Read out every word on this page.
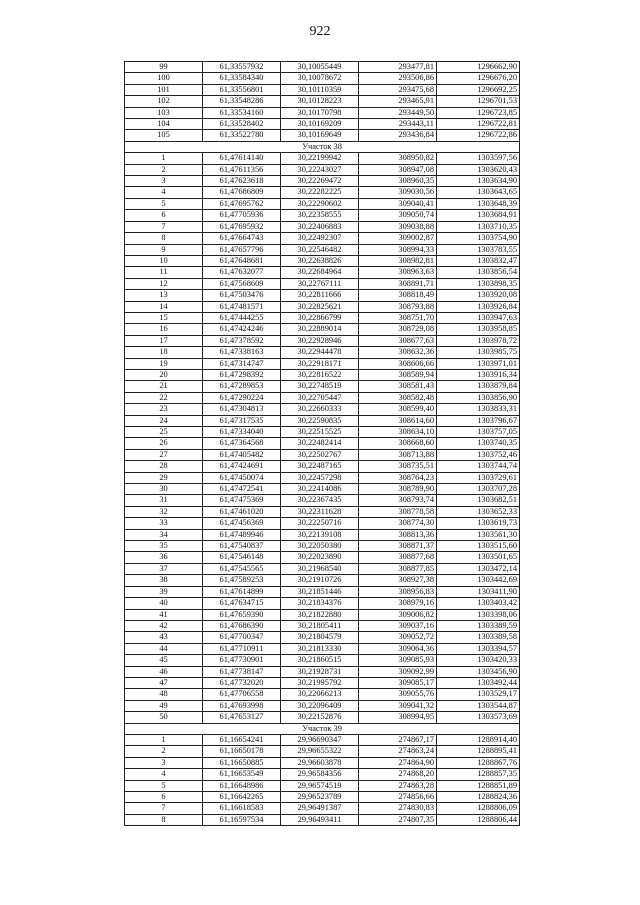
922
99	61,33557932	30,10055449	293477,81	1296662,90
100	61,33584340	30,10078672	293506,86	1296676,20
101	61,33556801	30,10110359	293475,68	1296692,25
102	61,33548286	30,10128223	293465,91	1296701,53
103	61,33534160	30,10170798	293449,50	1296723,85
104	61,33528402	30,10169209	293443,11	1296722,81
105	61,33522780	30,10169649	293436,84	1296722,86
Участок 38				
1	61,47614140	30,22199942	308950,82	1303597,56
2	61,47611356	30,22243027	308947,08	1303620,43
3	61,47623618	30,22269472	308960,35	1303634,90
4	61,47686809	30,22282225	309030,56	1303643,65
5	61,47695762	30,22290602	309040,41	1303648,39
6	61,47705936	30,22358555	309050,74	1303684,91
7	61,47695932	30,22406883	309038,88	1303710,35
8	61,47664743	30,22492307	309002,87	1303754,90
9	61,47657796	30,22546482	308994,33	1303783,55
10	61,47648681	30,22638826	308982,81	1303832,47
11	61,47632077	30,22684964	308963,63	1303856,54
12	61,47568609	30,22767111	308891,71	1303898,35
13	61,47503476	30,22811666	308818,49	1303920,08
14	61,47481571	30,22825621	308793,88	1303926,84
15	61,47444255	30,22866799	308751,70	1303947,63
16	61,47424246	30,22889014	308729,08	1303958,85
17	61,47378592	30,22928946	308677,63	1303978,72
18	61,47338163	30,22944478	308632,36	1303985,75
19	61,47314747	30,22918171	308606,66	1303971,01
20	61,47298392	30,22816522	308589,94	1303916,34
21	61,47289853	30,22748519	308581,43	1303879,84
22	61,47290224	30,22705447	308582,48	1303856,90
23	61,47304813	30,22660333	308599,40	1303833,31
24	61,47317535	30,22590835	308614,60	1303796,67
25	61,47334040	30,22515525	308634,10	1303757,05
26	61,47364568	30,22482414	308668,60	1303740,35
27	61,47405482	30,22502767	308713,88	1303752,46
28	61,47424691	30,22487165	308735,51	1303744,74
29	61,47450074	30,22457298	308764,23	1303729,61
30	61,47472541	30,22414086	308789,90	1303707,28
31	61,47475369	30,22367435	308793,74	1303682,51
32	61,47461020	30,22311628	308778,58	1303652,33
33	61,47456369	30,22250716	308774,30	1303619,73
34	61,47489946	30,22139108	308813,36	1303561,30
35	61,47540837	30,22050380	308871,37	1303515,60
36	61,47546148	30,22023890	308877,68	1303501,65
37	61,47545565	30,21968540	308877,85	1303472,14
38	61,47589253	30,21910726	308927,38	1303442,69
39	61,47614899	30,21851446	308956,83	1303411,90
40	61,47634715	30,21834376	308979,16	1303403,42
41	61,47659390	30,21822880	309006,82	1303398,06
42	61,47686390	30,21805411	309037,16	1303389,59
43	61,47700347	30,21804579	309052,72	1303389,58
44	61,47710911	30,21813330	309064,36	1303394,57
45	61,47730901	30,21860515	309085,93	1303420,33
46	61,47738147	30,21928731	309092,99	1303456,90
47	61,47732020	30,21995792	309085,17	1303492,44
48	61,47706558	30,22066213	309055,76	1303529,17
49	61,47693998	30,22096409	309041,32	1303544,87
50	61,47653127	30,22152876	308994,95	1303573,69
Участок 39				
1	61,16654241	29,96690347	274867,17	1288914,40
2	61,16650178	29,96655322	274863,24	1288895,41
3	61,16650885	29,96603878	274864,90	1288867,76
4	61,16653549	29,96584356	274868,20	1288857,35
5	61,16648986	29,96574519	274863,28	1288851,89
6	61,16642265	29,96523789	274856,66	1288824,36
7	61,16618583	29,96491387	274830,83	1288806,09
8	61,16597534	29,96493411	274807,35	1288806,44
